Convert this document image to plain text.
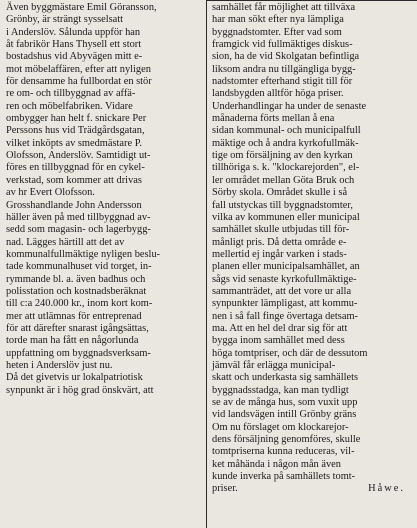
Även byggmästare Emil Göransson,
Grönby, är strängt sysselsatt
i Anderslöv. Sålunda uppför han
åt fabrikör Hans Thysell ett stort
bostadshus vid Abyvägen mitt e-
mot möbelaffären, efter att nyligen
för densamme ha fullbordat en stör
re om- och tillbyggnad av affä-
ren och möbelfabriken. Vidare
ombygger han helt f. snickare Per
Perssons hus vid Trädgårdsgatan,
vilket inköpts av smedmästare P.
Olofsson, Anderslöv. Samtidigt ut-
föres en tillbyggnad för en cykel-
verkstad, som kommer att drivas
av hr Evert Olofsson.
Grosshandlande John Andersson
häller även på med tillbyggnad av-
sedd som magasin- och lagerbygg-
nad. Lägges härtill att det av
kommunalfullmäktige nyligen beslu-
tade kommunalhuset vid torget, in-
rymmande bl. a. även badhus och
polisstation och kostnadsberäknat
till c:a 240.000 kr., inom kort kom-
mer att utlämnas för entreprenad
för att därefter snarast igångsättas,
torde man ha fått en någorlunda
uppfattning om byggnadsverksam-
heten i Anderslöv just nu.
Då det givetvis ur lokalpatriotisk
synpunkt är i hög grad önskvärt, att
samhället får möjlighet att tillväxa
har man sökt efter nya lämpliga
byggnadstomter. Efter vad som
framgick vid fullmäktiges diskus-
sion, ha de vid Skolgatan befintliga
liksom andra nu tillgängliga bygg-
nadstomter efterhand stigit till för
landsbygden alltför höga priser.
Underhandlingar ha under de senaste
månaderna förts mellan å ena
sidan kommunal- och municipalfull
mäktige och å andra kyrkofullmäk-
tige om försäljning av den kyrkan
tillhöriga s. k. "klockarejorden", el-
ler området mellan Göta Bruk och
Sörby skola. Området skulle i så
fall utstyckas till byggnadstomter,
vilka av kommunen eller municipal
samhället skulle utbjudas till för-
månligt pris. Då detta område e-
mellertid ej ingår varken i stads-
planen eller municipalsamhället, an
sågs vid senaste kyrkofullmäktige-
sammanträdet, att det vore ur alla
synpunkter lämpligast, att kommu-
nen i så fall finge övertaga detsam-
ma. Att en hel del drar sig för att
bygga inom samhället med dess
höga tomtpriser, och där de dessutom
jämväl får erlägga municipal-
skatt och underkasta sig samhällets
byggnadsstadga, kan man tydligt
se av de många hus, som vuxit upp
vid landsvägen intill Grönby gräns
Om nu förslaget om klockarejor-
dens försäljning genomföres, skulle
tomtpriserna kunna reduceras, vil-
ket måhända i någon mån även
kunde inverka på samhällets tomt-
priser.	Håwe.
